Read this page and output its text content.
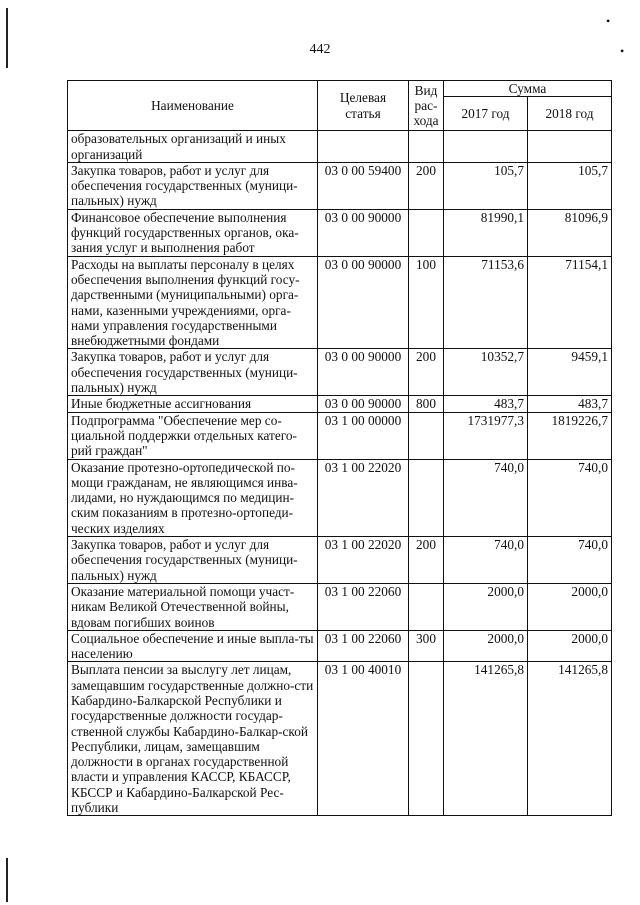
•
•
442
Наименование	Целевая статья	Вид рас-хода	Сумма	
			2017 год	2018 год
образовательных организаций и иных организаций				
Закупка товаров, работ и услуг для обеспечения государственных (муници-пальных) нужд	03 0 00 59400	200	105,7	105,7
Финансовое обеспечение выполнения функций государственных органов, ока-зания услуг и выполнения работ	03 0 00 90000		81990,1	81096,9
Расходы на выплаты персоналу в целях обеспечения выполнения функций госу-дарственными (муниципальными) орга-нами, казенными учреждениями, орга-нами управления государственными внебюджетными фондами	03 0 00 90000	100	71153,6	71154,1
Закупка товаров, работ и услуг для обеспечения государственных (муници-пальных) нужд	03 0 00 90000	200	10352,7	9459,1
Иные бюджетные ассигнования	03 0 00 90000	800	483,7	483,7
Подпрограмма "Обеспечение мер со-циальной поддержки отдельных катего-рий граждан"	03 1 00 00000		1731977,3	1819226,7
Оказание протезно-ортопедической по-мощи гражданам, не являющимся инва-лидами, но нуждающимся по медицин-ским показаниям в протезно-ортопеди-ческих изделиях	03 1 00 22020		740,0	740,0
Закупка товаров, работ и услуг для обеспечения государственных (муници-пальных) нужд	03 1 00 22020	200	740,0	740,0
Оказание материальной помощи участ-никам Великой Отечественной войны, вдовам погибших воинов	03 1 00 22060		2000,0	2000,0
Социальное обеспечение и иные выпла-ты населению	03 1 00 22060	300	2000,0	2000,0
Выплата пенсии за выслугу лет лицам, замещавшим государственные должно-сти Кабардино-Балкарской Республики и государственные должности государ-ственной службы Кабардино-Балкар-ской Республики, лицам, замещавшим должности в органах государственной власти и управления КАССР, КБАССР, КБССР и Кабардино-Балкарской Рес-публики	03 1 00 40010		141265,8	141265,8
